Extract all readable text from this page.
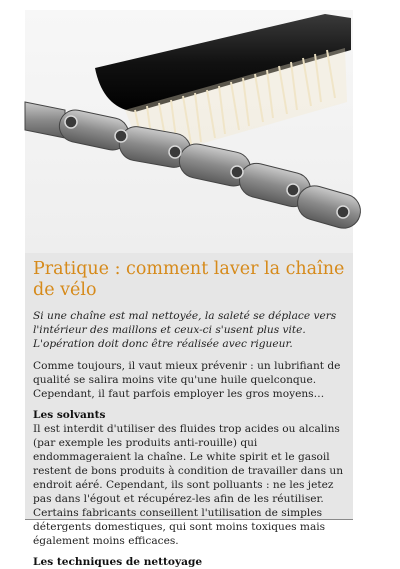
Pratique : comment laver la chaîne de vélo

Si une chaîne est mal nettoyée, la saleté se déplace vers l'intérieur des maillons et ceux-ci s'usent plus vite. L'opération doit donc être réalisée avec rigueur.

Comme toujours, il vaut mieux prévenir : un lubrifiant de qualité se salira moins vite qu'une huile quelconque. Cependant, il faut parfois employer les gros moyens…

Les solvants

Il est interdit d'utiliser des fluides trop acides ou alcalins (par exemple les produits anti-rouille) qui endommageraient la chaîne. Le white spirit et le gasoil restent de bons produits à condition de travailler dans un endroit aéré. Cependant, ils sont polluants : ne les jetez pas dans l'égout et récupérez-les afin de les réutiliser. Certains fabricants conseillent l'utilisation de simples détergents domestiques, qui sont moins toxiques mais également moins efficaces.

Les techniques de nettoyage
